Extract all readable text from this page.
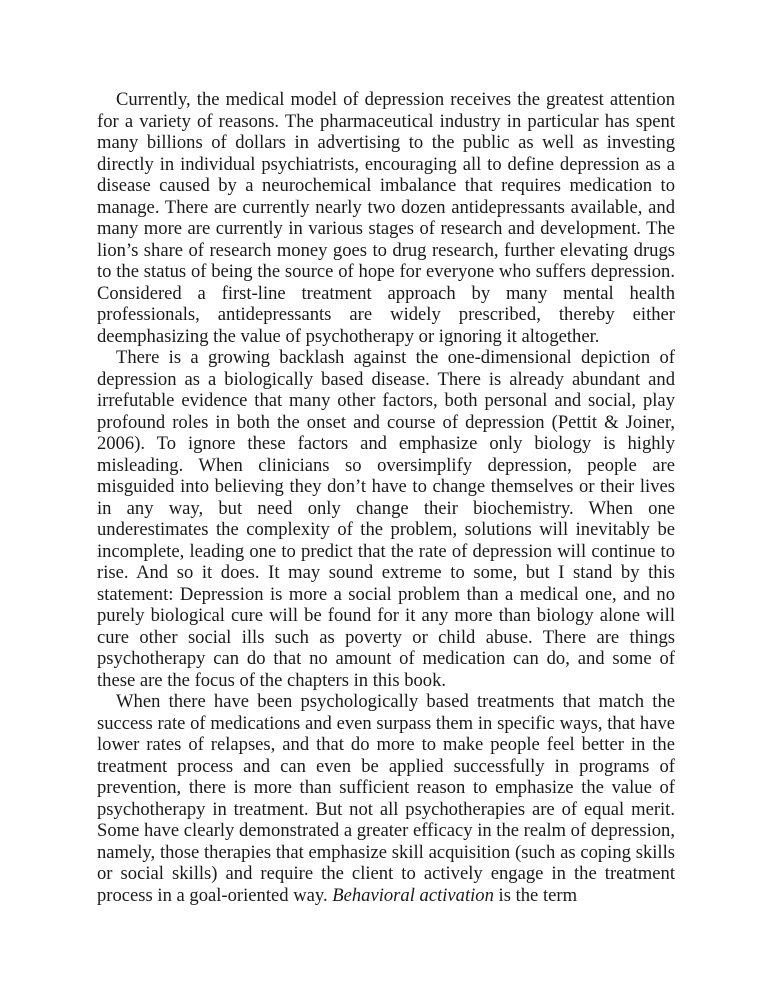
Currently, the medical model of depression receives the greatest attention for a variety of reasons. The pharmaceutical industry in particular has spent many billions of dollars in advertising to the public as well as investing directly in individual psychiatrists, encouraging all to define depression as a disease caused by a neurochemical imbalance that requires medication to manage. There are currently nearly two dozen antidepressants available, and many more are currently in various stages of research and development. The lion’s share of research money goes to drug research, further elevating drugs to the status of being the source of hope for everyone who suffers depression. Considered a first-line treatment approach by many mental health professionals, antidepressants are widely prescribed, thereby either deemphasizing the value of psychotherapy or ignoring it altogether.

There is a growing backlash against the one-dimensional depiction of depression as a biologically based disease. There is already abundant and irrefutable evidence that many other factors, both personal and social, play profound roles in both the onset and course of depression (Pettit & Joiner, 2006). To ignore these factors and emphasize only biology is highly misleading. When clinicians so oversimplify depression, people are misguided into believing they don’t have to change themselves or their lives in any way, but need only change their biochemistry. When one underestimates the complexity of the problem, solutions will inevitably be incomplete, leading one to predict that the rate of depression will continue to rise. And so it does. It may sound extreme to some, but I stand by this statement: Depression is more a social problem than a medical one, and no purely biological cure will be found for it any more than biology alone will cure other social ills such as poverty or child abuse. There are things psychotherapy can do that no amount of medication can do, and some of these are the focus of the chapters in this book.

When there have been psychologically based treatments that match the success rate of medications and even surpass them in specific ways, that have lower rates of relapses, and that do more to make people feel better in the treatment process and can even be applied successfully in programs of prevention, there is more than sufficient reason to emphasize the value of psychotherapy in treatment. But not all psychotherapies are of equal merit. Some have clearly demonstrated a greater efficacy in the realm of depression, namely, those therapies that emphasize skill acquisition (such as coping skills or social skills) and require the client to actively engage in the treatment process in a goal-oriented way. Behavioral activation is the term
